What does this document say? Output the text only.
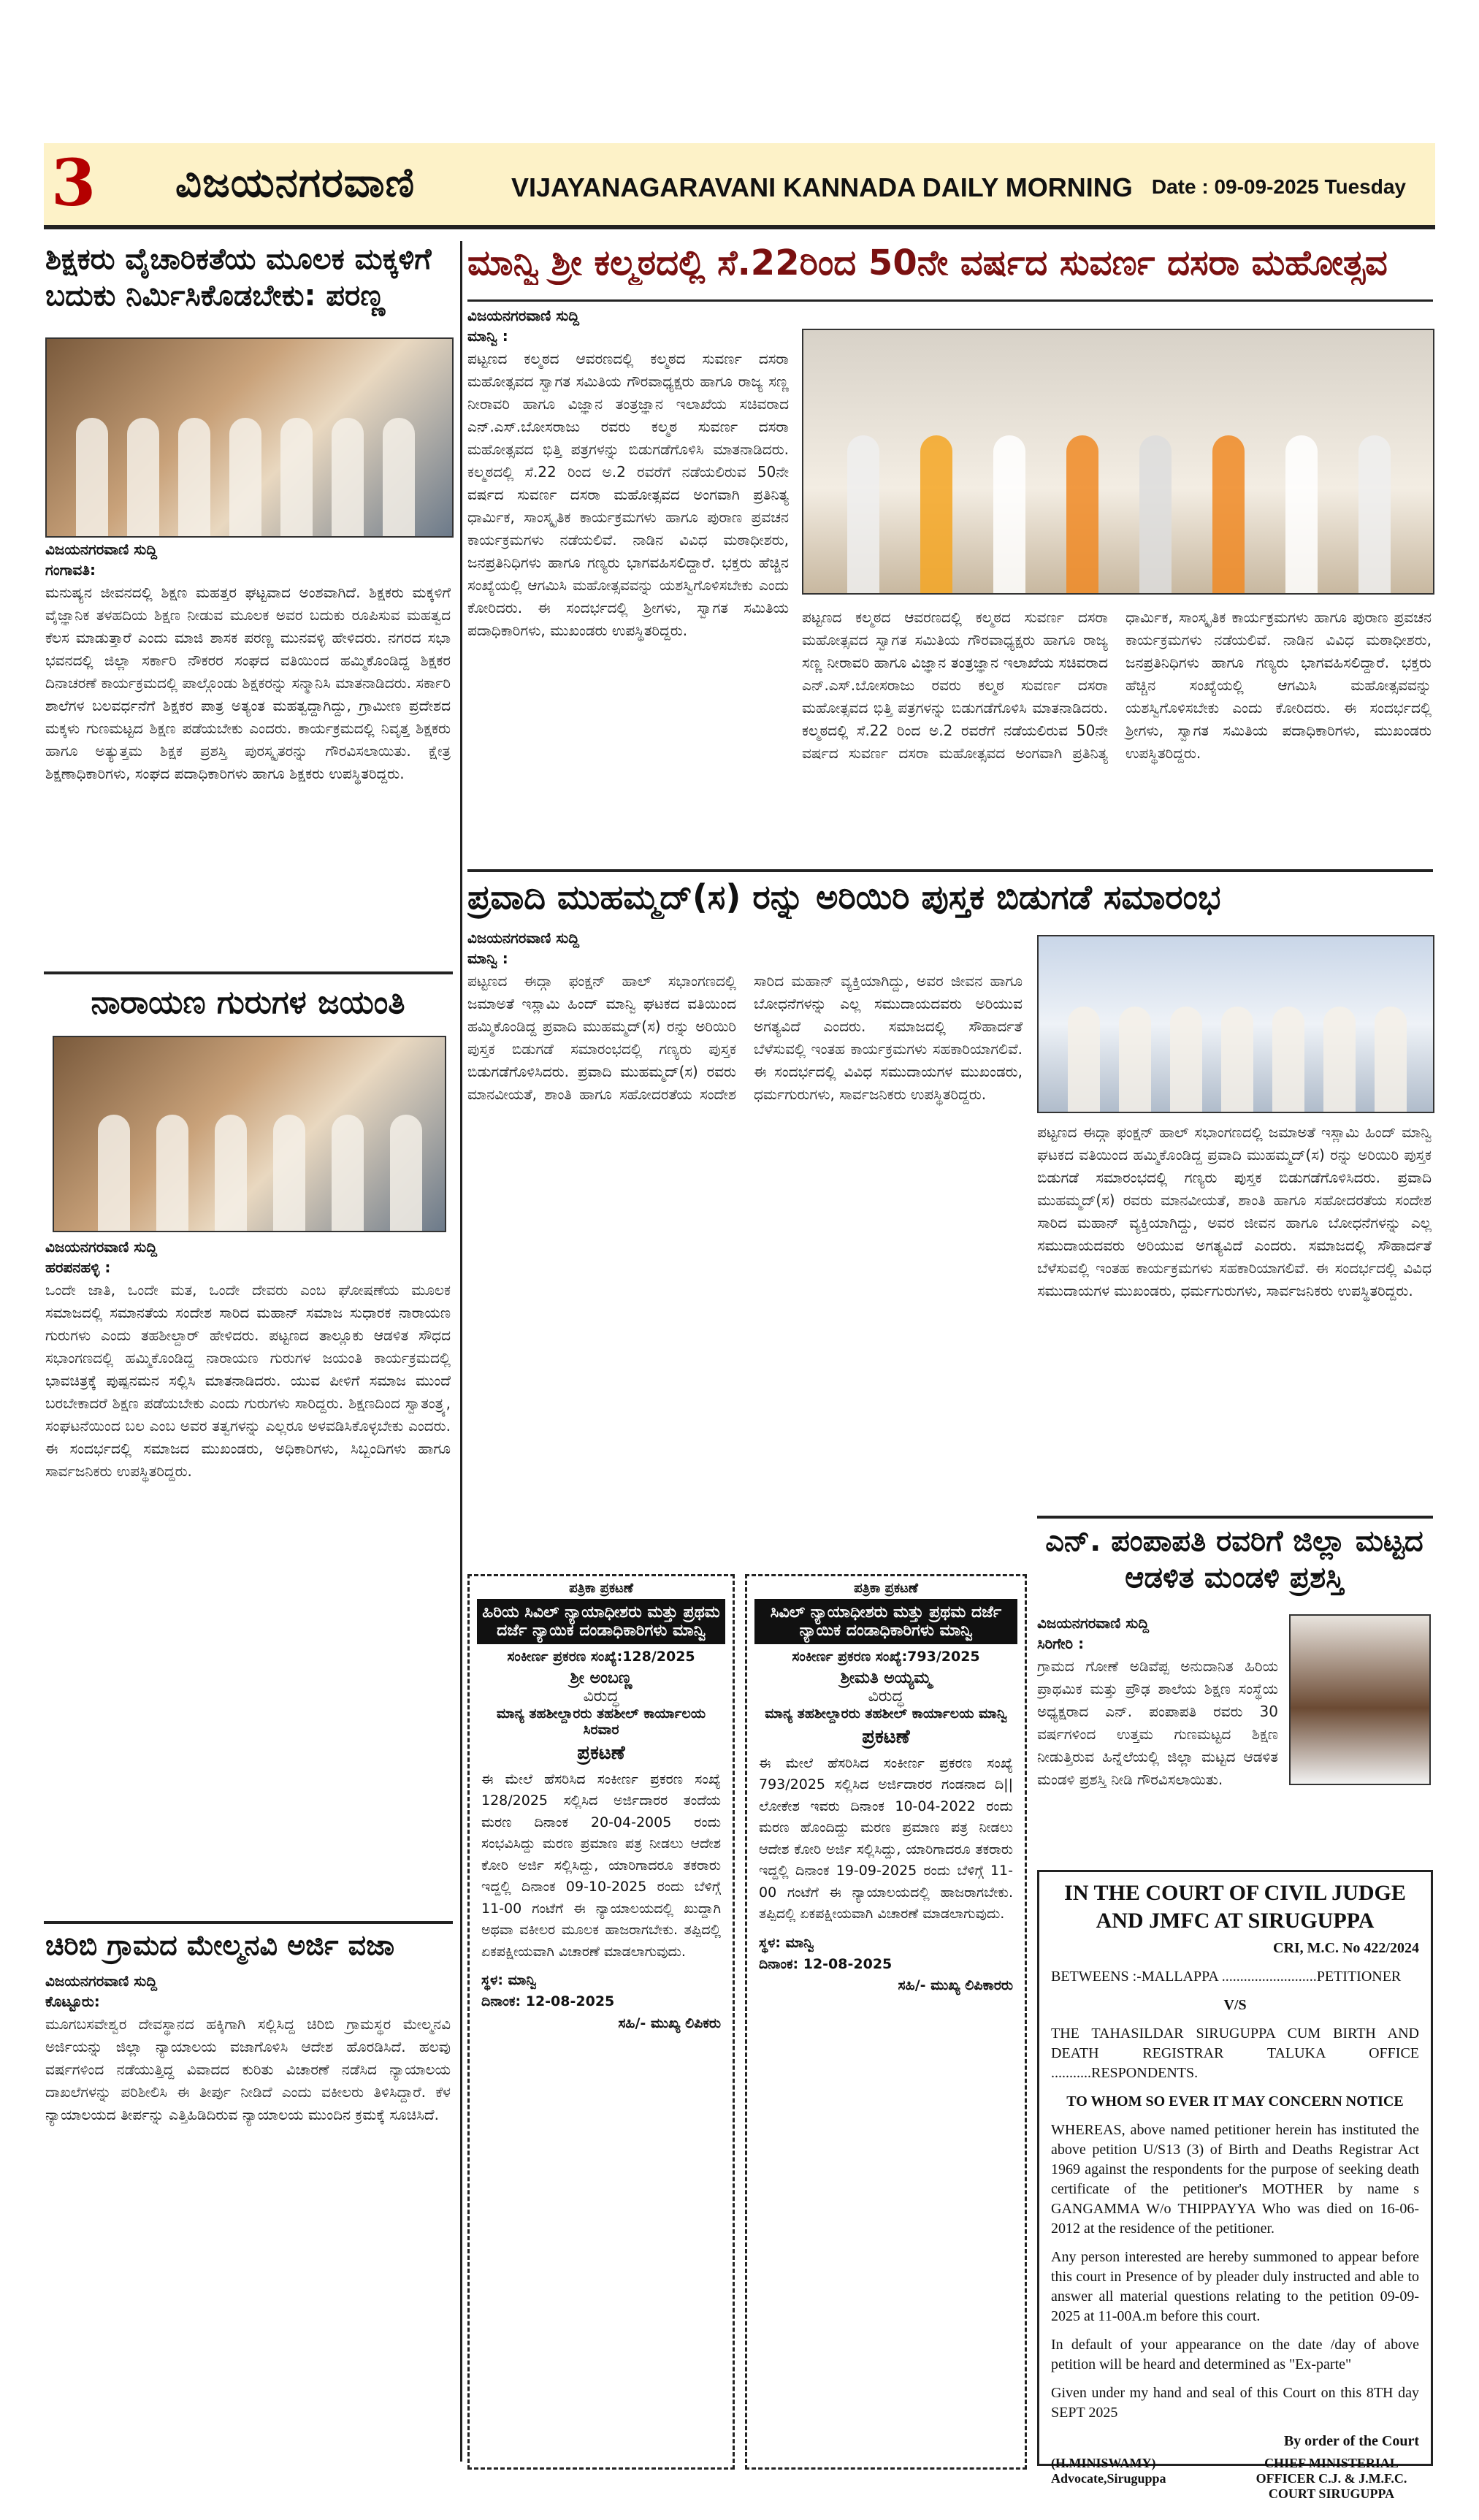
3 ವಿಜಯನಗರವಾಣಿ	VIJAYANAGARAVANI KANNADA DAILY MORNING Date : 09-09-2025 Tuesday
ಶಿಕ್ಷಕರು ವೈಚಾರಿಕತೆಯ ಮೂಲಕ ಮಕ್ಕಳಿಗೆ ಬದುಕು ನಿರ್ಮಿಸಿಕೊಡಬೇಕು: ಪರಣ್ಣ
ವಿಜಯನಗರವಾಣಿ ಸುದ್ದಿ
ಗಂಗಾವತಿ:
ಮನುಷ್ಯನ ಜೀವನದಲ್ಲಿ ಶಿಕ್ಷಣ ಮಹತ್ತರ ಘಟ್ಟವಾದ ಅಂಶವಾಗಿದೆ. ಶಿಕ್ಷಕರು ಮಕ್ಕಳಿಗೆ ವೈಜ್ಞಾನಿಕ ತಳಹದಿಯ ಶಿಕ್ಷಣ ನೀಡುವ ಮೂಲಕ ಅವರ ಬದುಕು ರೂಪಿಸುವ ಮಹತ್ವದ ಕೆಲಸ ಮಾಡುತ್ತಾರೆ ಎಂದು ಮಾಜಿ ಶಾಸಕ ಪರಣ್ಣ ಮುನವಳ್ಳಿ ಹೇಳಿದರು. ನಗರದ ಸಭಾ ಭವನದಲ್ಲಿ ಜಿಲ್ಲಾ ಸರ್ಕಾರಿ ನೌಕರರ ಸಂಘದ ವತಿಯಿಂದ ಹಮ್ಮಿಕೊಂಡಿದ್ದ ಶಿಕ್ಷಕರ ದಿನಾಚರಣೆ ಕಾರ್ಯಕ್ರಮದಲ್ಲಿ ಪಾಲ್ಗೊಂಡು ಶಿಕ್ಷಕರನ್ನು ಸನ್ಮಾನಿಸಿ ಮಾತನಾಡಿದರು. ಸರ್ಕಾರಿ ಶಾಲೆಗಳ ಬಲವರ್ಧನೆಗೆ ಶಿಕ್ಷಕರ ಪಾತ್ರ ಅತ್ಯಂತ ಮಹತ್ವದ್ದಾಗಿದ್ದು, ಗ್ರಾಮೀಣ ಪ್ರದೇಶದ ಮಕ್ಕಳು ಗುಣಮಟ್ಟದ ಶಿಕ್ಷಣ ಪಡೆಯಬೇಕು ಎಂದರು. ಕಾರ್ಯಕ್ರಮದಲ್ಲಿ ನಿವೃತ್ತ ಶಿಕ್ಷಕರು ಹಾಗೂ ಅತ್ಯುತ್ತಮ ಶಿಕ್ಷಕ ಪ್ರಶಸ್ತಿ ಪುರಸ್ಕೃತರನ್ನು ಗೌರವಿಸಲಾಯಿತು. ಕ್ಷೇತ್ರ ಶಿಕ್ಷಣಾಧಿಕಾರಿಗಳು, ಸಂಘದ ಪದಾಧಿಕಾರಿಗಳು ಹಾಗೂ ಶಿಕ್ಷಕರು ಉಪಸ್ಥಿತರಿದ್ದರು.
ನಾರಾಯಣ ಗುರುಗಳ ಜಯಂತಿ
ವಿಜಯನಗರವಾಣಿ ಸುದ್ದಿ
ಹರಪನಹಳ್ಳಿ :
ಒಂದೇ ಜಾತಿ, ಒಂದೇ ಮತ, ಒಂದೇ ದೇವರು ಎಂಬ ಘೋಷಣೆಯ ಮೂಲಕ ಸಮಾಜದಲ್ಲಿ ಸಮಾನತೆಯ ಸಂದೇಶ ಸಾರಿದ ಮಹಾನ್ ಸಮಾಜ ಸುಧಾರಕ ನಾರಾಯಣ ಗುರುಗಳು ಎಂದು ತಹಶೀಲ್ದಾರ್ ಹೇಳಿದರು. ಪಟ್ಟಣದ ತಾಲ್ಲೂಕು ಆಡಳಿತ ಸೌಧದ ಸಭಾಂಗಣದಲ್ಲಿ ಹಮ್ಮಿಕೊಂಡಿದ್ದ ನಾರಾಯಣ ಗುರುಗಳ ಜಯಂತಿ ಕಾರ್ಯಕ್ರಮದಲ್ಲಿ ಭಾವಚಿತ್ರಕ್ಕೆ ಪುಷ್ಪನಮನ ಸಲ್ಲಿಸಿ ಮಾತನಾಡಿದರು. ಯುವ ಪೀಳಿಗೆ ಸಮಾಜ ಮುಂದೆ ಬರಬೇಕಾದರೆ ಶಿಕ್ಷಣ ಪಡೆಯಬೇಕು ಎಂದು ಗುರುಗಳು ಸಾರಿದ್ದರು. ಶಿಕ್ಷಣದಿಂದ ಸ್ವಾತಂತ್ರ್ಯ, ಸಂಘಟನೆಯಿಂದ ಬಲ ಎಂಬ ಅವರ ತತ್ವಗಳನ್ನು ಎಲ್ಲರೂ ಅಳವಡಿಸಿಕೊಳ್ಳಬೇಕು ಎಂದರು. ಈ ಸಂದರ್ಭದಲ್ಲಿ ಸಮಾಜದ ಮುಖಂಡರು, ಅಧಿಕಾರಿಗಳು, ಸಿಬ್ಬಂದಿಗಳು ಹಾಗೂ ಸಾರ್ವಜನಿಕರು ಉಪಸ್ಥಿತರಿದ್ದರು.
ಚಿರಿಬಿ ಗ್ರಾಮದ ಮೇಲ್ಮನವಿ ಅರ್ಜಿ ವಜಾ
ವಿಜಯನಗರವಾಣಿ ಸುದ್ದಿ
ಕೊಟ್ಟೂರು:
ಮೂಗಬಸವೇಶ್ವರ ದೇವಸ್ಥಾನದ ಹಕ್ಕಿಗಾಗಿ ಸಲ್ಲಿಸಿದ್ದ ಚಿರಿಬಿ ಗ್ರಾಮಸ್ಥರ ಮೇಲ್ಮನವಿ ಅರ್ಜಿಯನ್ನು ಜಿಲ್ಲಾ ನ್ಯಾಯಾಲಯ ವಜಾಗೊಳಿಸಿ ಆದೇಶ ಹೊರಡಿಸಿದೆ. ಹಲವು ವರ್ಷಗಳಿಂದ ನಡೆಯುತ್ತಿದ್ದ ವಿವಾದದ ಕುರಿತು ವಿಚಾರಣೆ ನಡೆಸಿದ ನ್ಯಾಯಾಲಯ ದಾಖಲೆಗಳನ್ನು ಪರಿಶೀಲಿಸಿ ಈ ತೀರ್ಪು ನೀಡಿದೆ ಎಂದು ವಕೀಲರು ತಿಳಿಸಿದ್ದಾರೆ. ಕೆಳ ನ್ಯಾಯಾಲಯದ ತೀರ್ಪನ್ನು ಎತ್ತಿಹಿಡಿದಿರುವ ನ್ಯಾಯಾಲಯ ಮುಂದಿನ ಕ್ರಮಕ್ಕೆ ಸೂಚಿಸಿದೆ.
ಮಾನ್ವಿ ಶ್ರೀ ಕಲ್ಮಠದಲ್ಲಿ ಸೆ.22ರಿಂದ 50ನೇ ವರ್ಷದ ಸುವರ್ಣ ದಸರಾ ಮಹೋತ್ಸವ
ವಿಜಯನಗರವಾಣಿ ಸುದ್ದಿ
ಮಾನ್ವಿ :
ಪಟ್ಟಣದ ಕಲ್ಮಠದ ಆವರಣದಲ್ಲಿ ಕಲ್ಮಠದ ಸುವರ್ಣ ದಸರಾ ಮಹೋತ್ಸವದ ಸ್ವಾಗತ ಸಮಿತಿಯ ಗೌರವಾಧ್ಯಕ್ಷರು ಹಾಗೂ ರಾಜ್ಯ ಸಣ್ಣ ನೀರಾವರಿ ಹಾಗೂ ವಿಜ್ಞಾನ ತಂತ್ರಜ್ಞಾನ ಇಲಾಖೆಯ ಸಚಿವರಾದ ಎನ್.ಎಸ್.ಬೋಸರಾಜು ರವರು ಕಲ್ಮಠ ಸುವರ್ಣ ದಸರಾ ಮಹೋತ್ಸವದ ಭಿತ್ತಿ ಪತ್ರಗಳನ್ನು ಬಿಡುಗಡೆಗೊಳಿಸಿ ಮಾತನಾಡಿದರು. ಕಲ್ಮಠದಲ್ಲಿ ಸೆ.22 ರಿಂದ ಅ.2 ರವರೆಗೆ ನಡೆಯಲಿರುವ 50ನೇ ವರ್ಷದ ಸುವರ್ಣ ದಸರಾ ಮಹೋತ್ಸವದ ಅಂಗವಾಗಿ ಪ್ರತಿನಿತ್ಯ ಧಾರ್ಮಿಕ, ಸಾಂಸ್ಕೃತಿಕ ಕಾರ್ಯಕ್ರಮಗಳು ಹಾಗೂ ಪುರಾಣ ಪ್ರವಚನ ಕಾರ್ಯಕ್ರಮಗಳು ನಡೆಯಲಿವೆ. ನಾಡಿನ ವಿವಿಧ ಮಠಾಧೀಶರು, ಜನಪ್ರತಿನಿಧಿಗಳು ಹಾಗೂ ಗಣ್ಯರು ಭಾಗವಹಿಸಲಿದ್ದಾರೆ. ಭಕ್ತರು ಹೆಚ್ಚಿನ ಸಂಖ್ಯೆಯಲ್ಲಿ ಆಗಮಿಸಿ ಮಹೋತ್ಸವವನ್ನು ಯಶಸ್ವಿಗೊಳಿಸಬೇಕು ಎಂದು ಕೋರಿದರು. ಈ ಸಂದರ್ಭದಲ್ಲಿ ಶ್ರೀಗಳು, ಸ್ವಾಗತ ಸಮಿತಿಯ ಪದಾಧಿಕಾರಿಗಳು, ಮುಖಂಡರು ಉಪಸ್ಥಿತರಿದ್ದರು.
ಪಟ್ಟಣದ ಕಲ್ಮಠದ ಆವರಣದಲ್ಲಿ ಕಲ್ಮಠದ ಸುವರ್ಣ ದಸರಾ ಮಹೋತ್ಸವದ ಸ್ವಾಗತ ಸಮಿತಿಯ ಗೌರವಾಧ್ಯಕ್ಷರು ಹಾಗೂ ರಾಜ್ಯ ಸಣ್ಣ ನೀರಾವರಿ ಹಾಗೂ ವಿಜ್ಞಾನ ತಂತ್ರಜ್ಞಾನ ಇಲಾಖೆಯ ಸಚಿವರಾದ ಎನ್.ಎಸ್.ಬೋಸರಾಜು ರವರು ಕಲ್ಮಠ ಸುವರ್ಣ ದಸರಾ ಮಹೋತ್ಸವದ ಭಿತ್ತಿ ಪತ್ರಗಳನ್ನು ಬಿಡುಗಡೆಗೊಳಿಸಿ ಮಾತನಾಡಿದರು. ಕಲ್ಮಠದಲ್ಲಿ ಸೆ.22 ರಿಂದ ಅ.2 ರವರೆಗೆ ನಡೆಯಲಿರುವ 50ನೇ ವರ್ಷದ ಸುವರ್ಣ ದಸರಾ ಮಹೋತ್ಸವದ ಅಂಗವಾಗಿ ಪ್ರತಿನಿತ್ಯ ಧಾರ್ಮಿಕ, ಸಾಂಸ್ಕೃತಿಕ ಕಾರ್ಯಕ್ರಮಗಳು ಹಾಗೂ ಪುರಾಣ ಪ್ರವಚನ ಕಾರ್ಯಕ್ರಮಗಳು ನಡೆಯಲಿವೆ. ನಾಡಿನ ವಿವಿಧ ಮಠಾಧೀಶರು, ಜನಪ್ರತಿನಿಧಿಗಳು ಹಾಗೂ ಗಣ್ಯರು ಭಾಗವಹಿಸಲಿದ್ದಾರೆ. ಭಕ್ತರು ಹೆಚ್ಚಿನ ಸಂಖ್ಯೆಯಲ್ಲಿ ಆಗಮಿಸಿ ಮಹೋತ್ಸವವನ್ನು ಯಶಸ್ವಿಗೊಳಿಸಬೇಕು ಎಂದು ಕೋರಿದರು. ಈ ಸಂದರ್ಭದಲ್ಲಿ ಶ್ರೀಗಳು, ಸ್ವಾಗತ ಸಮಿತಿಯ ಪದಾಧಿಕಾರಿಗಳು, ಮುಖಂಡರು ಉಪಸ್ಥಿತರಿದ್ದರು.
ಪ್ರವಾದಿ ಮುಹಮ್ಮದ್(ಸ) ರನ್ನು ಅರಿಯಿರಿ ಪುಸ್ತಕ ಬಿಡುಗಡೆ ಸಮಾರಂಭ
ವಿಜಯನಗರವಾಣಿ ಸುದ್ದಿ
ಮಾನ್ವಿ :
ಪಟ್ಟಣದ ಈದ್ಗಾ ಫಂಕ್ಷನ್ ಹಾಲ್ ಸಭಾಂಗಣದಲ್ಲಿ ಜಮಾಅತೆ ಇಸ್ಲಾಮಿ ಹಿಂದ್ ಮಾನ್ವಿ ಘಟಕದ ವತಿಯಿಂದ ಹಮ್ಮಿಕೊಂಡಿದ್ದ ಪ್ರವಾದಿ ಮುಹಮ್ಮದ್(ಸ) ರನ್ನು ಅರಿಯಿರಿ ಪುಸ್ತಕ ಬಿಡುಗಡೆ ಸಮಾರಂಭದಲ್ಲಿ ಗಣ್ಯರು ಪುಸ್ತಕ ಬಿಡುಗಡೆಗೊಳಿಸಿದರು. ಪ್ರವಾದಿ ಮುಹಮ್ಮದ್(ಸ) ರವರು ಮಾನವೀಯತೆ, ಶಾಂತಿ ಹಾಗೂ ಸಹೋದರತೆಯ ಸಂದೇಶ ಸಾರಿದ ಮಹಾನ್ ವ್ಯಕ್ತಿಯಾಗಿದ್ದು, ಅವರ ಜೀವನ ಹಾಗೂ ಬೋಧನೆಗಳನ್ನು ಎಲ್ಲ ಸಮುದಾಯದವರು ಅರಿಯುವ ಅಗತ್ಯವಿದೆ ಎಂದರು. ಸಮಾಜದಲ್ಲಿ ಸೌಹಾರ್ದತೆ ಬೆಳೆಸುವಲ್ಲಿ ಇಂತಹ ಕಾರ್ಯಕ್ರಮಗಳು ಸಹಕಾರಿಯಾಗಲಿವೆ. ಈ ಸಂದರ್ಭದಲ್ಲಿ ವಿವಿಧ ಸಮುದಾಯಗಳ ಮುಖಂಡರು, ಧರ್ಮಗುರುಗಳು, ಸಾರ್ವಜನಿಕರು ಉಪಸ್ಥಿತರಿದ್ದರು.
ಪಟ್ಟಣದ ಈದ್ಗಾ ಫಂಕ್ಷನ್ ಹಾಲ್ ಸಭಾಂಗಣದಲ್ಲಿ ಜಮಾಅತೆ ಇಸ್ಲಾಮಿ ಹಿಂದ್ ಮಾನ್ವಿ ಘಟಕದ ವತಿಯಿಂದ ಹಮ್ಮಿಕೊಂಡಿದ್ದ ಪ್ರವಾದಿ ಮುಹಮ್ಮದ್(ಸ) ರನ್ನು ಅರಿಯಿರಿ ಪುಸ್ತಕ ಬಿಡುಗಡೆ ಸಮಾರಂಭದಲ್ಲಿ ಗಣ್ಯರು ಪುಸ್ತಕ ಬಿಡುಗಡೆಗೊಳಿಸಿದರು. ಪ್ರವಾದಿ ಮುಹಮ್ಮದ್(ಸ) ರವರು ಮಾನವೀಯತೆ, ಶಾಂತಿ ಹಾಗೂ ಸಹೋದರತೆಯ ಸಂದೇಶ ಸಾರಿದ ಮಹಾನ್ ವ್ಯಕ್ತಿಯಾಗಿದ್ದು, ಅವರ ಜೀವನ ಹಾಗೂ ಬೋಧನೆಗಳನ್ನು ಎಲ್ಲ ಸಮುದಾಯದವರು ಅರಿಯುವ ಅಗತ್ಯವಿದೆ ಎಂದರು. ಸಮಾಜದಲ್ಲಿ ಸೌಹಾರ್ದತೆ ಬೆಳೆಸುವಲ್ಲಿ ಇಂತಹ ಕಾರ್ಯಕ್ರಮಗಳು ಸಹಕಾರಿಯಾಗಲಿವೆ. ಈ ಸಂದರ್ಭದಲ್ಲಿ ವಿವಿಧ ಸಮುದಾಯಗಳ ಮುಖಂಡರು, ಧರ್ಮಗುರುಗಳು, ಸಾರ್ವಜನಿಕರು ಉಪಸ್ಥಿತರಿದ್ದರು.
ಎನ್. ಪಂಪಾಪತಿ ರವರಿಗೆ ಜಿಲ್ಲಾ ಮಟ್ಟದ ಆಡಳಿತ ಮಂಡಳಿ ಪ್ರಶಸ್ತಿ
ವಿಜಯನಗರವಾಣಿ ಸುದ್ದಿ
ಸಿರಿಗೇರಿ :
ಗ್ರಾಮದ ಗೋಣೆ ಅಡಿವೆಪ್ಪ ಅನುದಾನಿತ ಹಿರಿಯ ಪ್ರಾಥಮಿಕ ಮತ್ತು ಪ್ರೌಢ ಶಾಲೆಯ ಶಿಕ್ಷಣ ಸಂಸ್ಥೆಯ ಅಧ್ಯಕ್ಷರಾದ ಎನ್. ಪಂಪಾಪತಿ ರವರು 30 ವರ್ಷಗಳಿಂದ ಉತ್ತಮ ಗುಣಮಟ್ಟದ ಶಿಕ್ಷಣ ನೀಡುತ್ತಿರುವ ಹಿನ್ನೆಲೆಯಲ್ಲಿ ಜಿಲ್ಲಾ ಮಟ್ಟದ ಆಡಳಿತ ಮಂಡಳಿ ಪ್ರಶಸ್ತಿ ನೀಡಿ ಗೌರವಿಸಲಾಯಿತು.
ಪತ್ರಿಕಾ ಪ್ರಕಟಣೆ
ಹಿರಿಯ ಸಿವಿಲ್ ನ್ಯಾಯಾಧೀಶರು ಮತ್ತು ಪ್ರಥಮ ದರ್ಜೆ ನ್ಯಾಯಿಕ ದಂಡಾಧಿಕಾರಿಗಳು ಮಾನ್ವಿ
ಸಂಕೀರ್ಣ ಪ್ರಕರಣ ಸಂಖ್ಯೆ:128/2025
ಶ್ರೀ ಅಂಬಣ್ಣ
ವಿರುದ್ಧ
ಮಾನ್ಯ ತಹಶೀಲ್ದಾರರು ತಹಶೀಲ್ ಕಾರ್ಯಾಲಯ ಸಿರವಾರ
ಪ್ರಕಟಣೆ
ಈ ಮೇಲೆ ಹೆಸರಿಸಿದ ಸಂಕೀರ್ಣ ಪ್ರಕರಣ ಸಂಖ್ಯೆ 128/2025 ಸಲ್ಲಿಸಿದ ಅರ್ಜಿದಾರರ ತಂದೆಯ ಮರಣ ದಿನಾಂಕ 20-04-2005 ರಂದು ಸಂಭವಿಸಿದ್ದು ಮರಣ ಪ್ರಮಾಣ ಪತ್ರ ನೀಡಲು ಆದೇಶ ಕೋರಿ ಅರ್ಜಿ ಸಲ್ಲಿಸಿದ್ದು, ಯಾರಿಗಾದರೂ ತಕರಾರು ಇದ್ದಲ್ಲಿ ದಿನಾಂಕ 09-10-2025 ರಂದು ಬೆಳಿಗ್ಗೆ 11-00 ಗಂಟೆಗೆ ಈ ನ್ಯಾಯಾಲಯದಲ್ಲಿ ಖುದ್ದಾಗಿ ಅಥವಾ ವಕೀಲರ ಮೂಲಕ ಹಾಜರಾಗಬೇಕು. ತಪ್ಪಿದಲ್ಲಿ ಏಕಪಕ್ಷೀಯವಾಗಿ ವಿಚಾರಣೆ ಮಾಡಲಾಗುವುದು.
ಸ್ಥಳ: ಮಾನ್ವಿ
ದಿನಾಂಕ: 12-08-2025
ಸಹಿ/- ಮುಖ್ಯ ಲಿಪಿಕರು
IN THE COURT OF CIVIL JUDGE AND JMFC AT SIRUGUPPA
CRI, M.C. No 422/2024
BETWEENS :-MALLAPPA ..........................PETITIONER
V/S
THE TAHASILDAR SIRUGUPPA CUM BIRTH AND DEATH REGISTRAR TALUKA OFFICE ...........RESPONDENTS.
TO WHOM SO EVER IT MAY CONCERN NOTICE
WHEREAS, above named petitioner herein has instituted the above petition U/S13 (3) of Birth and Deaths Registrar Act 1969 against the respondents for the purpose of seeking death certificate of the petitioner's MOTHER by name s GANGAMMA W/o THIPPAYYA Who was died on 16-06-2012 at the residence of the petitioner.
Any person interested are hereby summoned to appear before this court in Presence of by pleader duly instructed and able to answer all material questions relating to the petition 09-09-2025 at 11-00A.m before this court.
In default of your appearance on the date /day of above petition will be heard and determined as "Ex-parte"
Given under my hand and seal of this Court on this 8TH day SEPT 2025
By order of the Court
(H.MINISWAMY) Advocate,Siruguppa
CHIEF MINISTERIAL OFFICER C.J. & J.M.F.C. COURT SIRUGUPPA
ಪತ್ರಿಕಾ ಪ್ರಕಟಣೆ
ಸಿವಿಲ್ ನ್ಯಾಯಾಧೀಶರು ಮತ್ತು ಪ್ರಥಮ ದರ್ಜೆ ನ್ಯಾಯಿಕ ದಂಡಾಧಿಕಾರಿಗಳು ಮಾನ್ವಿ
ಸಂಕೀರ್ಣ ಪ್ರಕರಣ ಸಂಖ್ಯೆ:793/2025
ಶ್ರೀಮತಿ ಅಯ್ಯಮ್ಮ
ವಿರುದ್ಧ
ಮಾನ್ಯ ತಹಶೀಲ್ದಾರರು ತಹಶೀಲ್ ಕಾರ್ಯಾಲಯ ಮಾನ್ವಿ
ಪ್ರಕಟಣೆ
ಈ ಮೇಲೆ ಹೆಸರಿಸಿದ ಸಂಕೀರ್ಣ ಪ್ರಕರಣ ಸಂಖ್ಯೆ 793/2025 ಸಲ್ಲಿಸಿದ ಅರ್ಜಿದಾರರ ಗಂಡನಾದ ದಿ|| ಲೋಕೇಶ ಇವರು ದಿನಾಂಕ 10-04-2022 ರಂದು ಮರಣ ಹೊಂದಿದ್ದು ಮರಣ ಪ್ರಮಾಣ ಪತ್ರ ನೀಡಲು ಆದೇಶ ಕೋರಿ ಅರ್ಜಿ ಸಲ್ಲಿಸಿದ್ದು, ಯಾರಿಗಾದರೂ ತಕರಾರು ಇದ್ದಲ್ಲಿ ದಿನಾಂಕ 19-09-2025 ರಂದು ಬೆಳಿಗ್ಗೆ 11-00 ಗಂಟೆಗೆ ಈ ನ್ಯಾಯಾಲಯದಲ್ಲಿ ಹಾಜರಾಗಬೇಕು. ತಪ್ಪಿದಲ್ಲಿ ಏಕಪಕ್ಷೀಯವಾಗಿ ವಿಚಾರಣೆ ಮಾಡಲಾಗುವುದು.
ಸ್ಥಳ: ಮಾನ್ವಿ
ದಿನಾಂಕ: 12-08-2025
ಸಹಿ/- ಮುಖ್ಯ ಲಿಪಿಕಾರರು
